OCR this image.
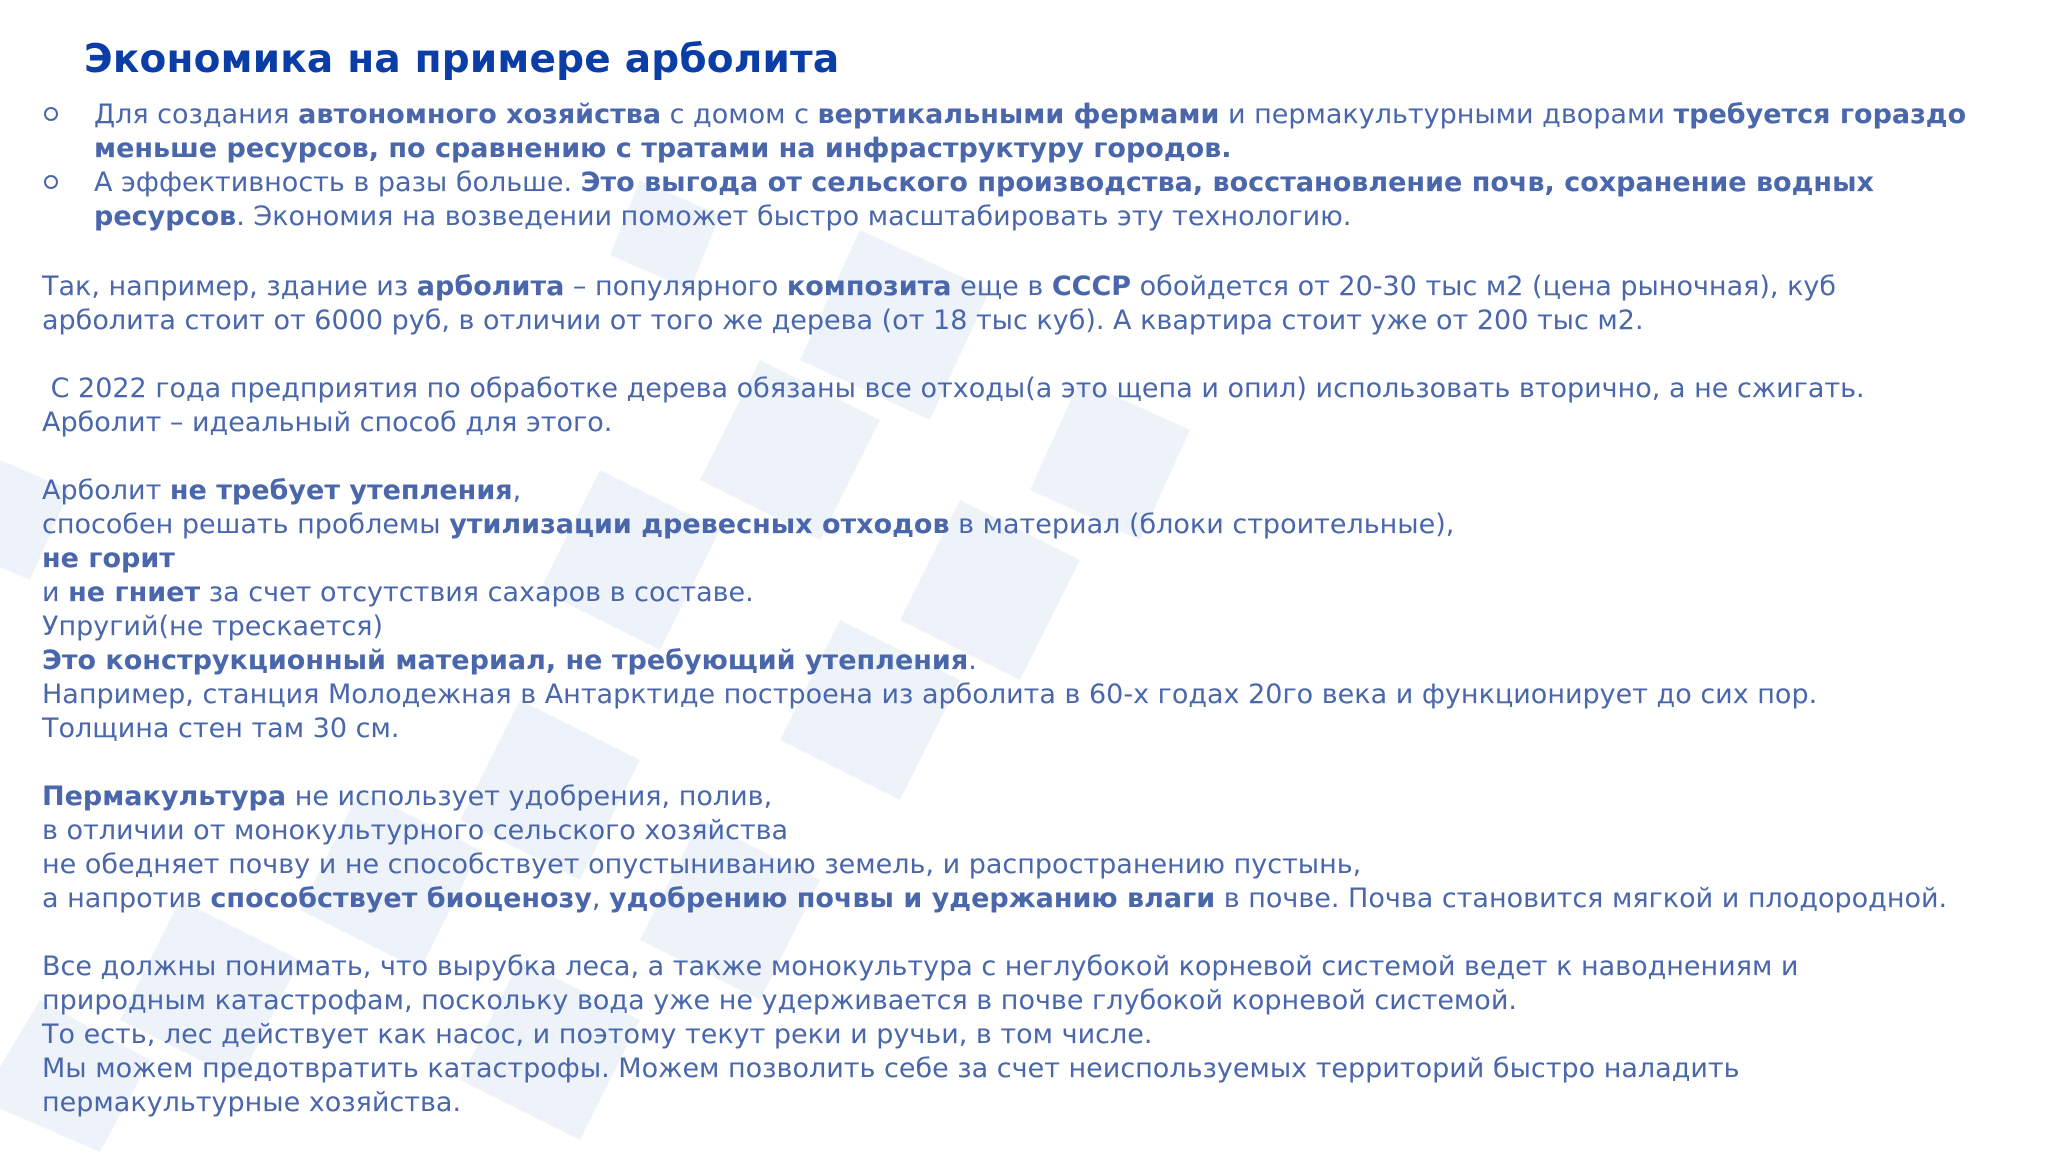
Экономика на примере арболита
Для создания автономного хозяйства с домом с вертикальными фермами и пермакультурными дворами требуется гораздо
меньше ресурсов, по сравнению с тратами на инфраструктуру городов.
А эффективность в разы больше. Это выгода от сельского производства, восстановление почв, сохранение водных
ресурсов. Экономия на возведении поможет быстро масштабировать эту технологию.

Так, например, здание из арболита – популярного композита еще в СССР обойдется от 20-30 тыс м2 (цена рыночная), куб
арболита стоит от 6000 руб, в отличии от того же дерева (от 18 тыс куб). А квартира стоит уже от 200 тыс м2.

С 2022 года предприятия по обработке дерева обязаны все отходы(а это щепа и опил) использовать вторично, а не сжигать.
Арболит – идеальный способ для этого.

Арболит не требует утепления,
способен решать проблемы утилизации древесных отходов в материал (блоки строительные),
не горит
и не гниет за счет отсутствия сахаров в составе.
Упругий(не трескается)
Это конструкционный материал, не требующий утепления.
Например, станция Молодежная в Антарктиде построена из арболита в 60-х годах 20го века и функционирует до сих пор.
Толщина стен там 30 см.

Пермакультура не использует удобрения, полив,
в отличии от монокультурного сельского хозяйства
не обедняет почву и не способствует опустыниванию земель, и распространению пустынь,
а напротив способствует биоценозу, удобрению почвы и удержанию влаги в почве. Почва становится мягкой и плодородной.

Все должны понимать, что вырубка леса, а также монокультура с неглубокой корневой системой ведет к наводнениям и
природным катастрофам, поскольку вода уже не удерживается в почве глубокой корневой системой.
То есть, лес действует как насос, и поэтому текут реки и ручьи, в том числе.
Мы можем предотвратить катастрофы. Можем позволить себе за счет неиспользуемых территорий быстро наладить
пермакультурные хозяйства.
